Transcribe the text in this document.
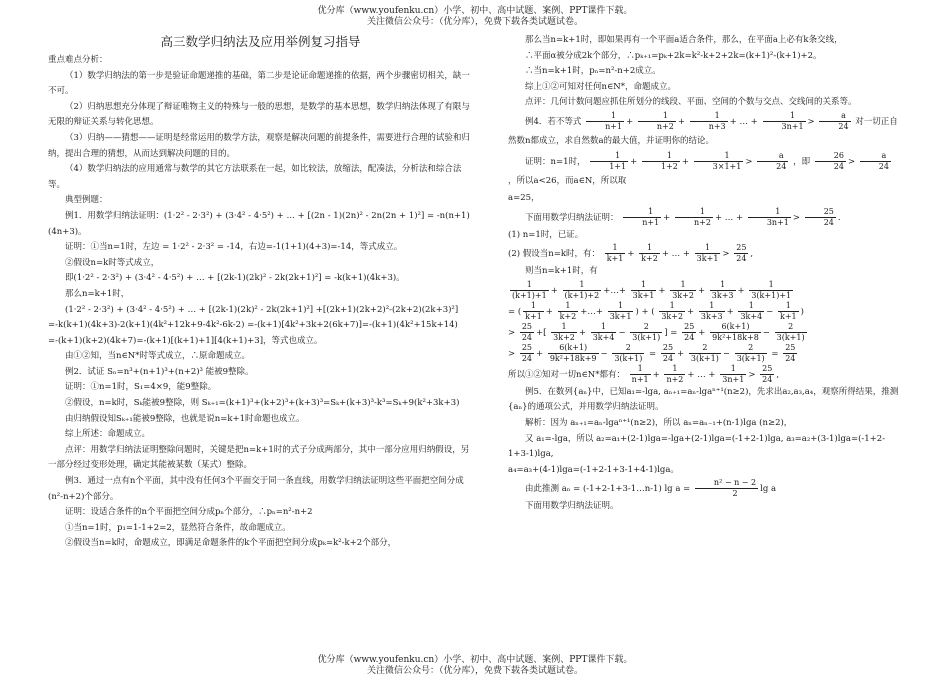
优分库（www.youfenku.cn）小学、初中、高中试题、案例、PPT课件下载。
关注微信公众号：（优分库），免费下载各类试题试卷。
高三数学归纳法及应用举例复习指导

重点难点分析：

（1）数学归纳法的第一步是验证命题递推的基础，第二步是论证命题递推的依据，两个步骤密切相关，缺一不可。

（2）归纳思想充分体现了辩证唯物主义的特殊与一般的思想，是数学的基本思想，数学归纳法体现了有限与无限的辩证关系与转化思想。

（3）归纳——猜想——证明是经常运用的数学方法，观察是解决问题的前提条件，需要进行合理的试验和归纳，提出合理的猜想，从而达到解决问题的目的。

（4）数学归纳法的应用通常与数学的其它方法联系在一起，如比较法，放缩法，配凑法，分析法和综合法等。

典型例题：

例1．用数学归纳法证明：(1·2² - 2·3²) + (3·4² - 4·5²) + … + [(2n - 1)(2n)² - 2n(2n + 1)²] = -n(n+1)(4n+3)。

证明：①当n=1时，左边 = 1·2² - 2·3² = -14，右边=-1(1+1)(4+3)=-14，等式成立。

②假设n=k时等式成立，

即(1·2² - 2·3²) + (3·4² - 4·5²) + … + [(2k-1)(2k)² - 2k(2k+1)²] = -k(k+1)(4k+3)。

那么n=k+1时，

(1·2² - 2·3²) + (3·4² - 4·5²) + … + [(2k-1)(2k)² - 2k(2k+1)²] +[(2k+1)(2k+2)²-(2k+2)(2k+3)²]

=-k(k+1)(4k+3)-2(k+1)(4k²+12k+9-4k²-6k-2) =-(k+1)[4k²+3k+2(6k+7)]=-(k+1)(4k²+15k+14)

=-(k+1)(k+2)(4k+7)=-(k+1)[(k+1)+1][4(k+1)+3]，等式也成立。

由①②知，当n∈N*时等式成立，∴原命题成立。

例2．试证 Sₙ=n³+(n+1)³+(n+2)³ 能被9整除。

证明：①n=1时，S₁=4×9，能9整除。

②假设，n=k时，Sₖ能被9整除，则 Sₖ₊₁=(k+1)³+(k+2)³+(k+3)³=Sₖ+(k+3)³-k³=Sₖ+9(k²+3k+3)

由归纳假设知Sₖ₊₁能被9整除，也就是说n=k+1时命题也成立。

综上所述：命题成立。

点评：用数学归纳法证明整除问题时，关键是把n=k+1时的式子分成两部分，其中一部分应用归纳假设，另一部分经过变形处理，确定其能被某数（某式）整除。

例3．通过一点有n个平面，其中没有任何3个平面交于同一条直线，用数学归纳法证明这些平面把空间分成(n²-n+2)个部分。

证明：设适合条件的n个平面把空间分成pₙ个部分，∴pₙ=n²-n+2

①当n=1时，p₁=1-1+2=2，显然符合条件，故命题成立。

②假设当n=k时，命题成立，即满足命题条件的k个平面把空间分成pₖ=k²-k+2个部分，

那么当n=k+1时，即如果再有一个平面a适合条件，那么，在平面a上必有k条交线，

∴平面α被分成2k个部分，∴pₖ₊₁=pₖ+2k=k²-k+2+2k=(k+1)²-(k+1)+2。

∴当n=k+1时，pₙ=n²-n+2成立。

综上①②可知对任何n∈N*，命题成立。

点评：几何计数问题应抓住所划分的线段、平面、空间的个数与交点、交线间的关系等。

例4．若不等式 $\frac{1}{n+1} + \frac{1}{n+2} + \frac{1}{n+3}$ + … + $\frac{1}{3n+1} > \frac{a}{24}$ 对一切正自然数n都成立，求自然数a的最大值，并证明你的结论。

证明：n=1时， $\frac{1}{1+1} + \frac{1}{1+2} + \frac{1}{3\times 1+1} > \frac{a}{24}$ ，即 $\frac{26}{24} > \frac{a}{24}$
，所以a<26，而a∈N，所以取

a=25，

下面用数学归纳法证明： $\frac{1}{n+1} + \frac{1}{n+2}$ + … + $\frac{1}{3n+1} > \frac{25}{24}$ .

(1) n=1时，已证。

(2) 假设当n=k时，有： $\frac{1}{k+1} + \frac{1}{k+2}$ + … + $\frac{1}{3k+1} > \frac{25}{24}$ ,

则当n=k+1时，有

$\frac{1}{(k+1)+1} + \frac{1}{(k+1)+2}$ +…+ $\frac{1}{3k+1} + \frac{1}{3k+2} + \frac{1}{3k+3} + \frac{1}{3(k+1)+1}$

= ( $\frac{1}{k+1} + \frac{1}{k+2}$ +…+ $\frac{1}{3k+1}$ ) + ( $\frac{1}{3k+2} + \frac{1}{3k+3} + \frac{1}{3k+4} - \frac{1}{k+1}$ )

> $\frac{25}{24}$ +[ $\frac{1}{3k+2} + \frac{1}{3k+4} - \frac{2}{3(k+1)}$ ] = $\frac{25}{24} + \frac{6(k+1)}{\text{9k²+18k+8}} - \frac{2}{3(k+1)}$

> $\frac{25}{24} + \frac{6(k+1)}{\text{9k²+18k+9}} - \frac{2}{3(k+1)} = \frac{25}{24} + \frac{2}{3(k+1)} - \frac{2}{3(k+1)} = \frac{25}{24}$

所以①②知对一切n∈N*都有： $\frac{1}{n+1} + \frac{1}{n+2}$ + … + $\frac{1}{3n+1} > \frac{25}{24}$ ,

例5．在数列{aₙ}中，已知a₁=-lga, aₙ₊₁=aₙ-lgaⁿ⁺¹(n≥2)，先求出a₂,a₃,a₄，观察所得结果，推测{aₙ}的通项公式，并用数学归纳法证明。

解析：因为 aₙ₊₁=aₙ-lgaⁿ⁺¹(n≥2)，所以 aₙ=aₙ₋₁+(n-1)lga (n≥2)，

又 a₁=-lga，所以 a₂=a₁+(2-1)lga=-lga+(2-1)lga=(-1+2-1)lga, a₃=a₂+(3-1)lga=(-1+2-1+3-1)lga,

a₄=a₃+(4-1)lga=(-1+2-1+3-1+4-1)lga。

由此推测 aₙ = (-1+2-1+3-1…n-1) $\lg a = \frac{\text{n² − n − 2}}{2}$ lg a

下面用数学归纳法证明。

优分库（www.youfenku.cn）小学、初中、高中试题、案例、PPT课件下载。
关注微信公众号：（优分库），免费下载各类试题试卷。
